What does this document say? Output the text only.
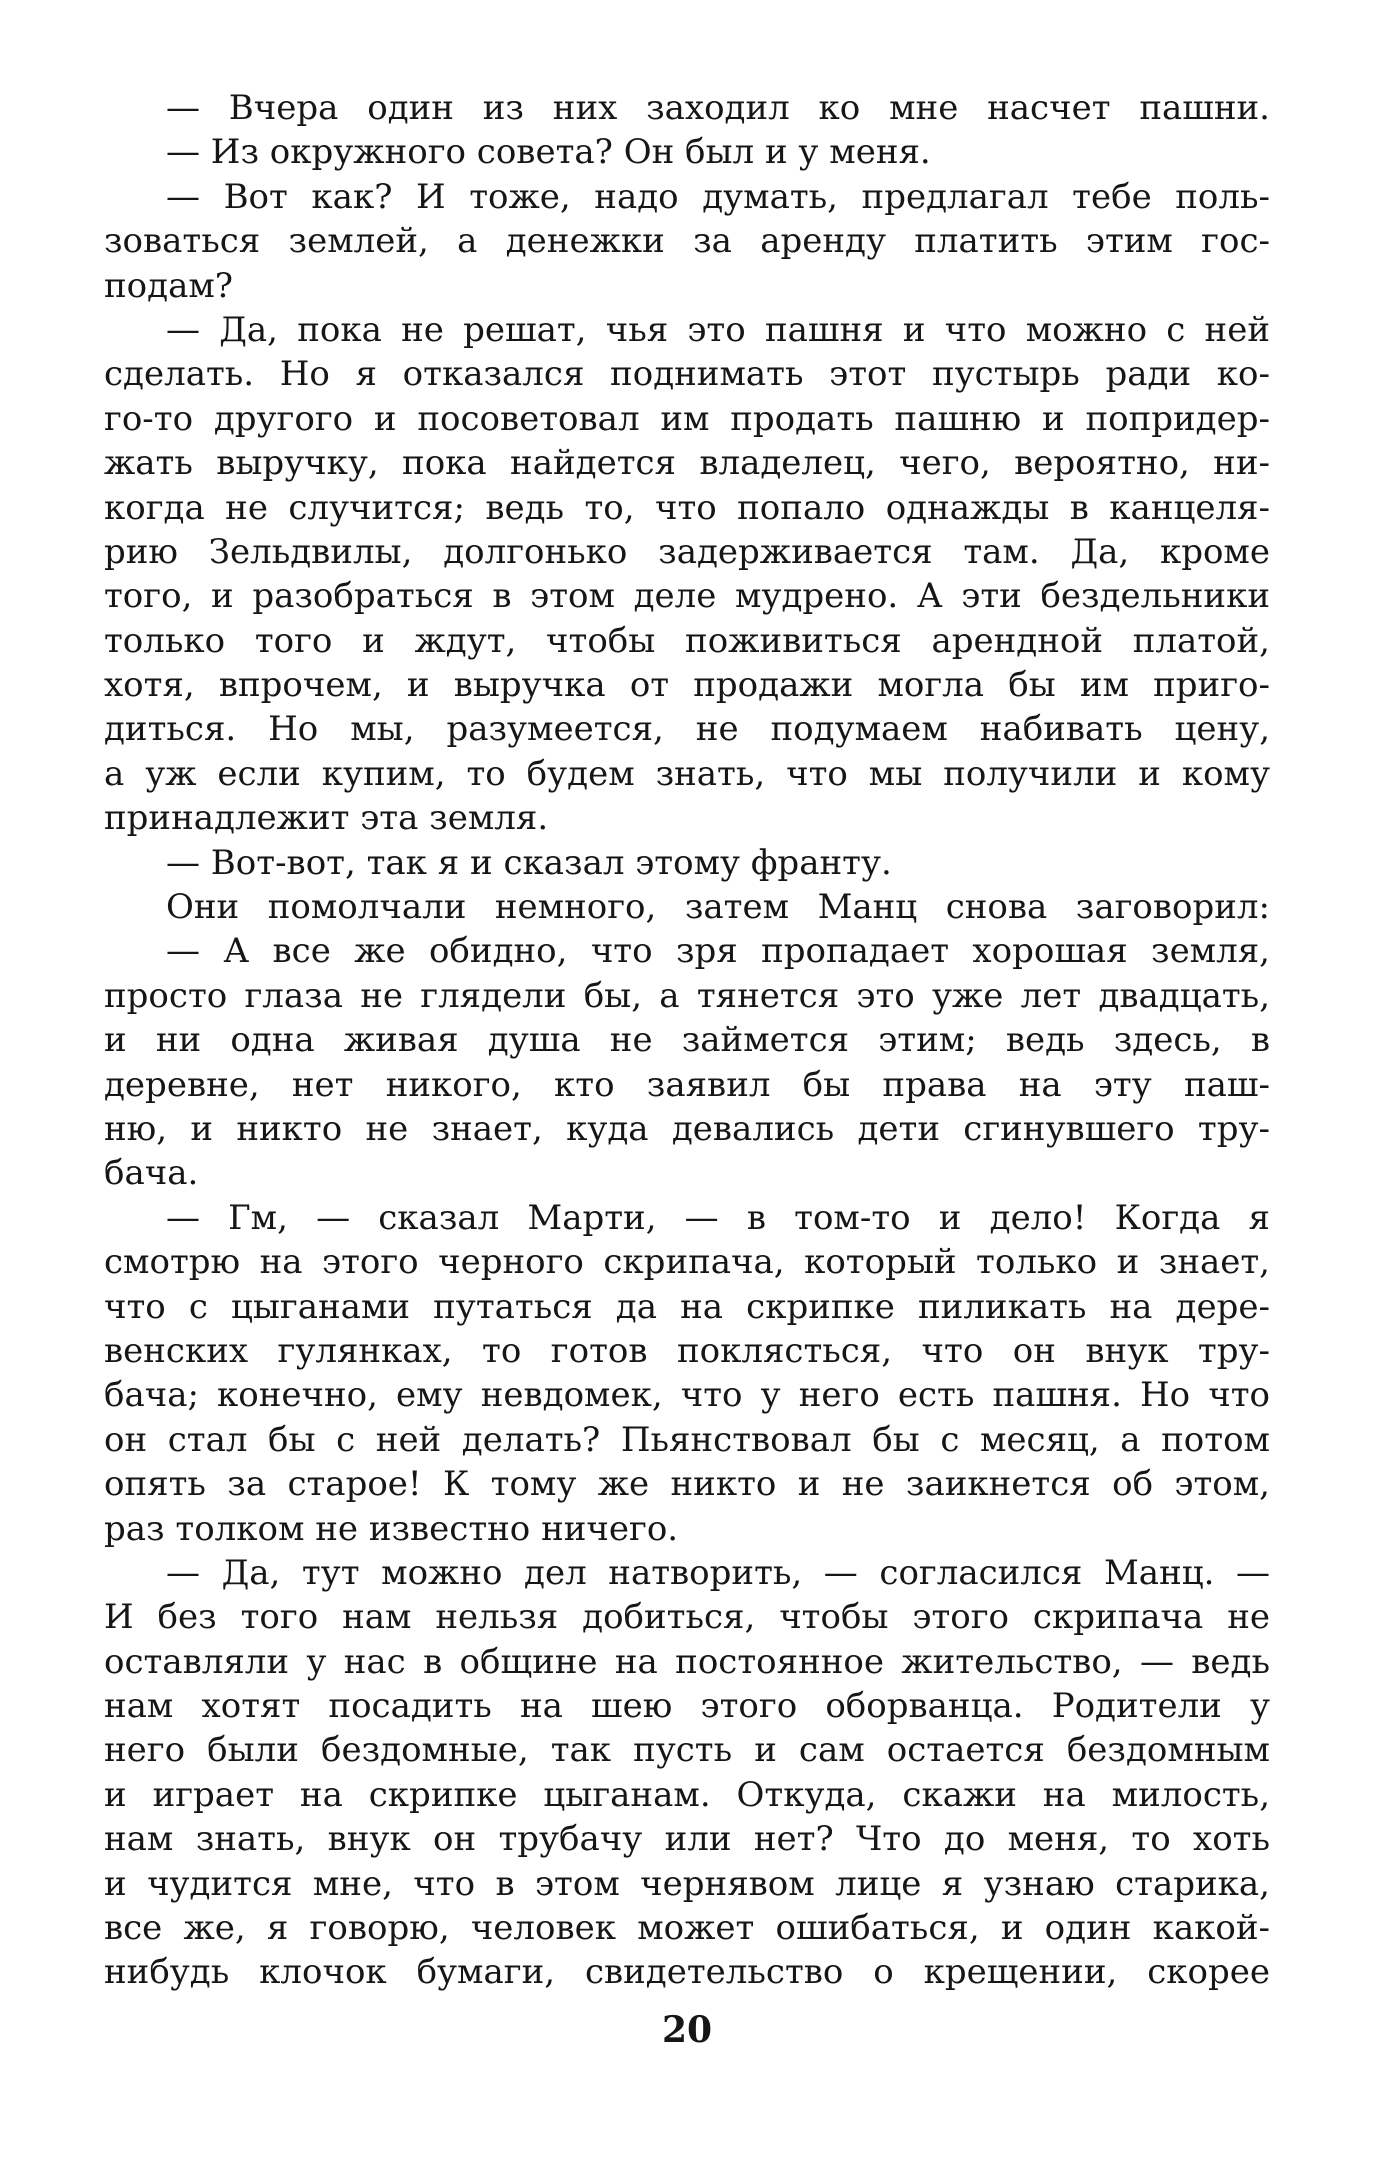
— Вчера один из них заходил ко мне насчет пашни.
— Из окружного совета? Он был и у меня.
— Вот как? И тоже, надо думать, предлагал тебе поль-
зоваться землей, а денежки за аренду платить этим гос-
подам?
— Да, пока не решат, чья это пашня и что можно с ней
сделать. Но я отказался поднимать этот пустырь ради ко-
го-то другого и посоветовал им продать пашню и попридер-
жать выручку, пока найдется владелец, чего, вероятно, ни-
когда не случится; ведь то, что попало однажды в канцеля-
рию Зельдвилы, долгонько задерживается там. Да, кроме
того, и разобраться в этом деле мудрено. А эти бездельники
только того и ждут, чтобы поживиться арендной платой,
хотя, впрочем, и выручка от продажи могла бы им приго-
диться. Но мы, разумеется, не подумаем набивать цену,
а уж если купим, то будем знать, что мы получили и кому
принадлежит эта земля.
— Вот-вот, так я и сказал этому франту.
Они помолчали немного, затем Манц снова заговорил:
— А все же обидно, что зря пропадает хорошая земля,
просто глаза не глядели бы, а тянется это уже лет двадцать,
и ни одна живая душа не займется этим; ведь здесь, в
деревне, нет никого, кто заявил бы права на эту паш-
ню, и никто не знает, куда девались дети сгинувшего тру-
бача.
— Гм, — сказал Марти, — в том-то и дело! Когда я
смотрю на этого черного скрипача, который только и знает,
что с цыганами путаться да на скрипке пиликать на дере-
венских гулянках, то готов поклясться, что он внук тру-
бача; конечно, ему невдомек, что у него есть пашня. Но что
он стал бы с ней делать? Пьянствовал бы с месяц, а потом
опять за старое! К тому же никто и не заикнется об этом,
раз толком не известно ничего.
— Да, тут можно дел натворить, — согласился Манц. —
И без того нам нельзя добиться, чтобы этого скрипача не
оставляли у нас в общине на постоянное жительство, — ведь
нам хотят посадить на шею этого оборванца. Родители у
него были бездомные, так пусть и сам остается бездомным
и играет на скрипке цыганам. Откуда, скажи на милость,
нам знать, внук он трубачу или нет? Что до меня, то хоть
и чудится мне, что в этом чернявом лице я узнаю старика,
все же, я говорю, человек может ошибаться, и один какой-
нибудь клочок бумаги, свидетельство о крещении, скорее
20
